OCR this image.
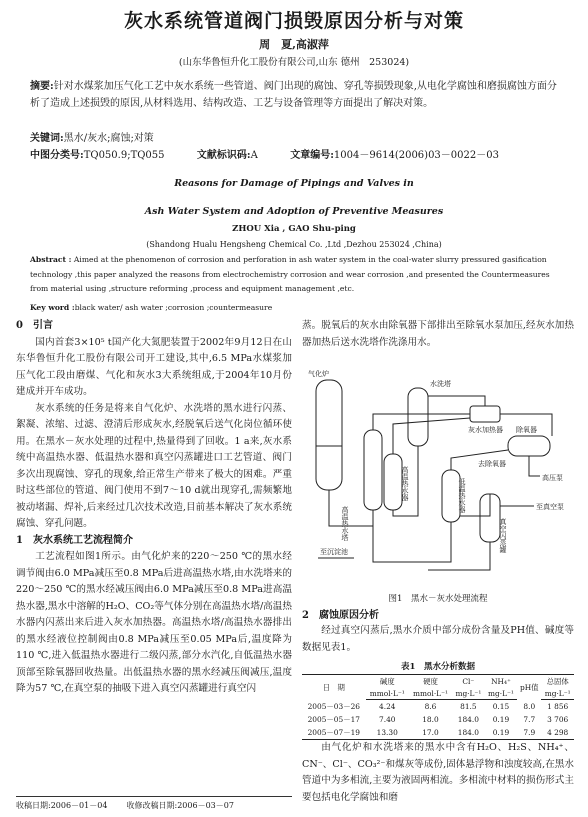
灰水系统管道阀门损毁原因分析与对策
周　夏,高淑萍
(山东华鲁恒升化工股份有限公司,山东 德州　253024)
摘要:针对水煤浆加压气化工艺中灰水系统一些管道、阀门出现的腐蚀、穿孔等损毁现象,从电化学腐蚀和磨损腐蚀方面分析了造成上述损毁的原因,从材料选用、结构改造、工艺与设备管理等方面提出了解决对策。
关键词:黑水/灰水;腐蚀;对策
中图分类号:TQ050.9;TQ055	文献标识码:A	文章编号:1004－9614(2006)03－0022－03
Reasons for Damage of Pipings and Valves in
Ash Water System and Adoption of Preventive Measures
ZHOU Xia , GAO Shu-ping
(Shandong Hualu Hengsheng Chemical Co. ,Ltd ,Dezhou 253024 ,China)
Abstract : Aimed at the phenomenon of corrosion and perforation in ash water system in the coal-water slurry pressured gasification technology ,this paper analyzed the reasons from electrochemistry corrosion and wear corrosion ,and presented the Countermeasures from material using ,structure reforming ,process and equipment management ,etc.
Key word :black water/ ash water ;corrosion ;countermeasure
0　引言

国内首套3×10⁵ t国产化大氮肥装置于2002年9月12日在山东华鲁恒升化工股份有限公司开工建设,其中,6.5 MPa水煤浆加压气化工段由磨煤、气化和灰水3大系统组成,于2004年10月份建成并开车成功。

灰水系统的任务是将来自气化炉、水洗塔的黑水进行闪蒸、絮凝、浓缩、过滤、澄清后形成灰水,经脱氧后送气化岗位循环使用。在黑水－灰水处理的过程中,热量得到了回收。1 a来,灰水系统中高温热水器、低温热水器和真空闪蒸罐进口工艺管道、阀门多次出现腐蚀、穿孔的现象,给正常生产带来了极大的困难。严重时这些部位的管道、阀门使用不到7～10 d就出现穿孔,需频繁地被动堵漏、焊补,后来经过几次技术改造,目前基本解决了灰水系统腐蚀、穿孔问题。

1　灰水系统工艺流程简介

工艺流程如图1所示。由气化炉来的220～250 ℃的黑水经调节阀由6.0 MPa减压至0.8 MPa后进高温热水塔,由水洗塔来的220～250 ℃的黑水经减压阀由6.0 MPa减压至0.8 MPa进高温热水器,黑水中溶解的H₂O、CO₂等气体分别在高温热水塔/高温热水器内闪蒸出来后进入灰水加热器。高温热水塔/高温热水器排出的黑水经液位控制阀由0.8 MPa减压至0.05 MPa后,温度降为110 ℃,进入低温热水器进行二级闪蒸,部分水汽化,自低温热水器顶部至除氧器回收热量。出低温热水器的黑水经减压阀减压,温度降为57 ℃,在真空泵的抽吸下进入真空闪蒸罐进行真空闪

蒸。脱氧后的灰水由除氧器下部排出至除氧水泵加压,经灰水加热器加热后送水洗塔作洗涤用水。

气化炉
水洗塔
高温热水塔
高温热水器	低温热水器
灰水加热器 除氧器
真空闪蒸罐
至沉淀池
至真空泵
去除氧器
高压泵
图1　黑水－灰水处理流程
2　腐蚀原因分析

经过真空闪蒸后,黑水介质中部分成份含量及PH值、碱度等数据见表1。

表1　黑水分析数据
日　期	碱度	硬度	Cl⁻	NH₄⁺	pH值	总固体
	mmol·L⁻¹	mmol·L⁻¹	mg·L⁻¹	mg·L⁻¹		mg·L⁻¹
2005－03－26	4.24	8.6	81.5	0.15	8.0	1 856
2005－05－17	7.40	18.0	184.0	0.19	7.7	3 706
2005－07－19	13.30	17.0	184.0	0.19	7.9	4 298

由气化炉和水洗塔来的黑水中含有H₂O、H₂S、NH₄⁺、CN⁻、Cl⁻、CO₃²⁻和煤灰等成份,固体悬浮物和浊度较高,在黑水管道中为多相流,主要为液固两相流。多相流中材料的损伤形式主要包括电化学腐蚀和磨

收稿日期:2006－01－04 收修改稿日期:2006－03－07
